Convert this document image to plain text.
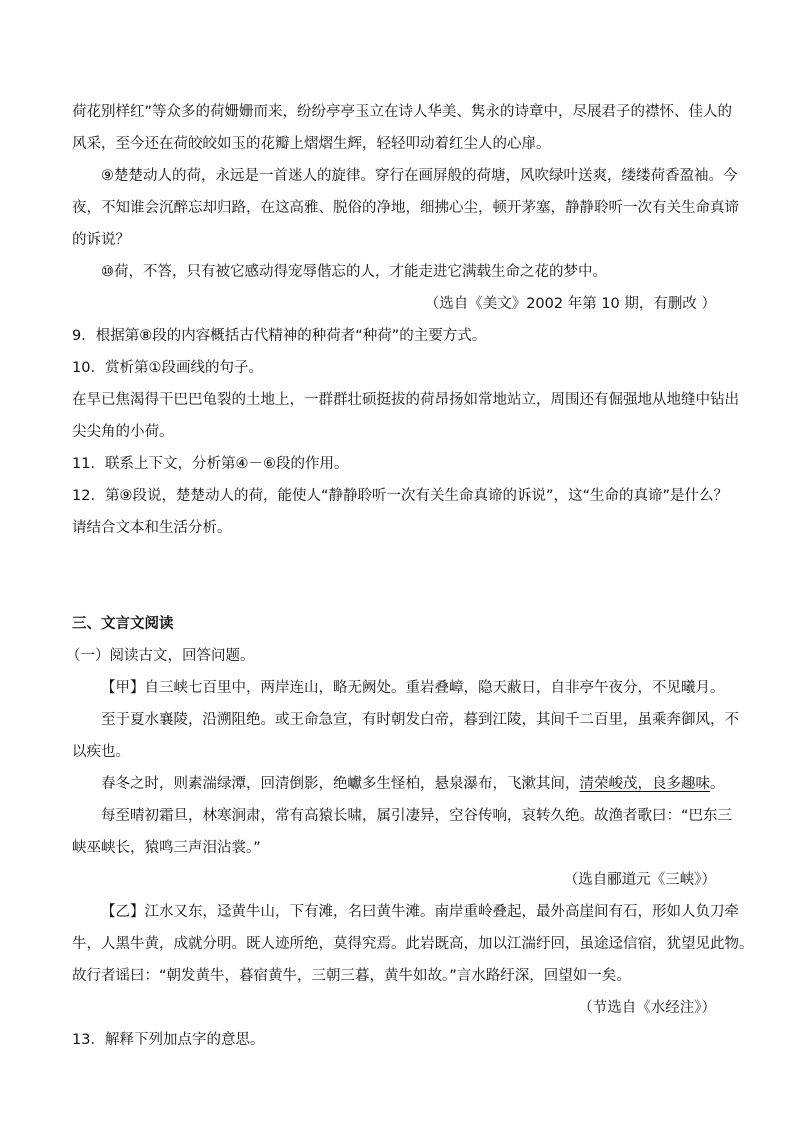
荷花别样红”等众多的荷姗姗而来，纷纷亭亭玉立在诗人华美、隽永的诗章中，尽展君子的襟怀、佳人的
风采，至今还在荷皎皎如玉的花瓣上熠熠生辉，轻轻叩动着红尘人的心扉。
⑨楚楚动人的荷，永远是一首迷人的旋律。穿行在画屏般的荷塘，风吹绿叶送爽，缕缕荷香盈袖。今
夜，不知谁会沉醉忘却归路，在这高雅、脱俗的净地，细拂心尘，顿开茅塞，静静聆听一次有关生命真谛
的诉说？
⑩荷，不答，只有被它感动得宠辱偕忘的人，才能走进它满载生命之花的梦中。
（选自《美文》2002 年第 10 期，有删改 ）
9．根据第⑧段的内容概括古代精神的种荷者“种荷”的主要方式。
10．赏析第①段画线的句子。
在旱已焦渴得干巴巴龟裂的土地上，一群群壮硕挺拔的荷昂扬如常地站立，周围还有倔强地从地缝中钻出
尖尖角的小荷。
11．联系上下文，分析第④－⑥段的作用。
12．第⑨段说，楚楚动人的荷，能使人“静静聆听一次有关生命真谛的诉说”，这“生命的真谛”是什么？
请结合文本和生活分析。
三、文言文阅读
（一）阅读古文，回答问题。
【甲】自三峡七百里中，两岸连山，略无阙处。重岩叠嶂，隐天蔽日，自非亭午夜分，不见曦月。
至于夏水襄陵，沿溯阻绝。或王命急宣，有时朝发白帝，暮到江陵，其间千二百里，虽乘奔御风，不
以疾也。
春冬之时，则素湍绿潭，回清倒影，绝巘多生怪柏，悬泉瀑布，飞漱其间，清荣峻茂，良多趣味。
每至晴初霜旦，林寒涧肃，常有高猿长啸，属引凄异，空谷传响，哀转久绝。故渔者歌曰：“巴东三
峡巫峡长，猿鸣三声泪沾裳。”
（选自郦道元《三峡》）
【乙】江水又东，迳黄牛山，下有滩，名曰黄牛滩。南岸重岭叠起，最外高崖间有石，形如人负刀牵
牛，人黑牛黄，成就分明。既人迹所绝，莫得究焉。此岩既高，加以江湍纡回，虽途迳信宿，犹望见此物。
故行者谣曰：“朝发黄牛，暮宿黄牛，三朝三暮，黄牛如故。”言水路纡深，回望如一矣。
（节选自《水经注》）
13．解释下列加点字的意思。
